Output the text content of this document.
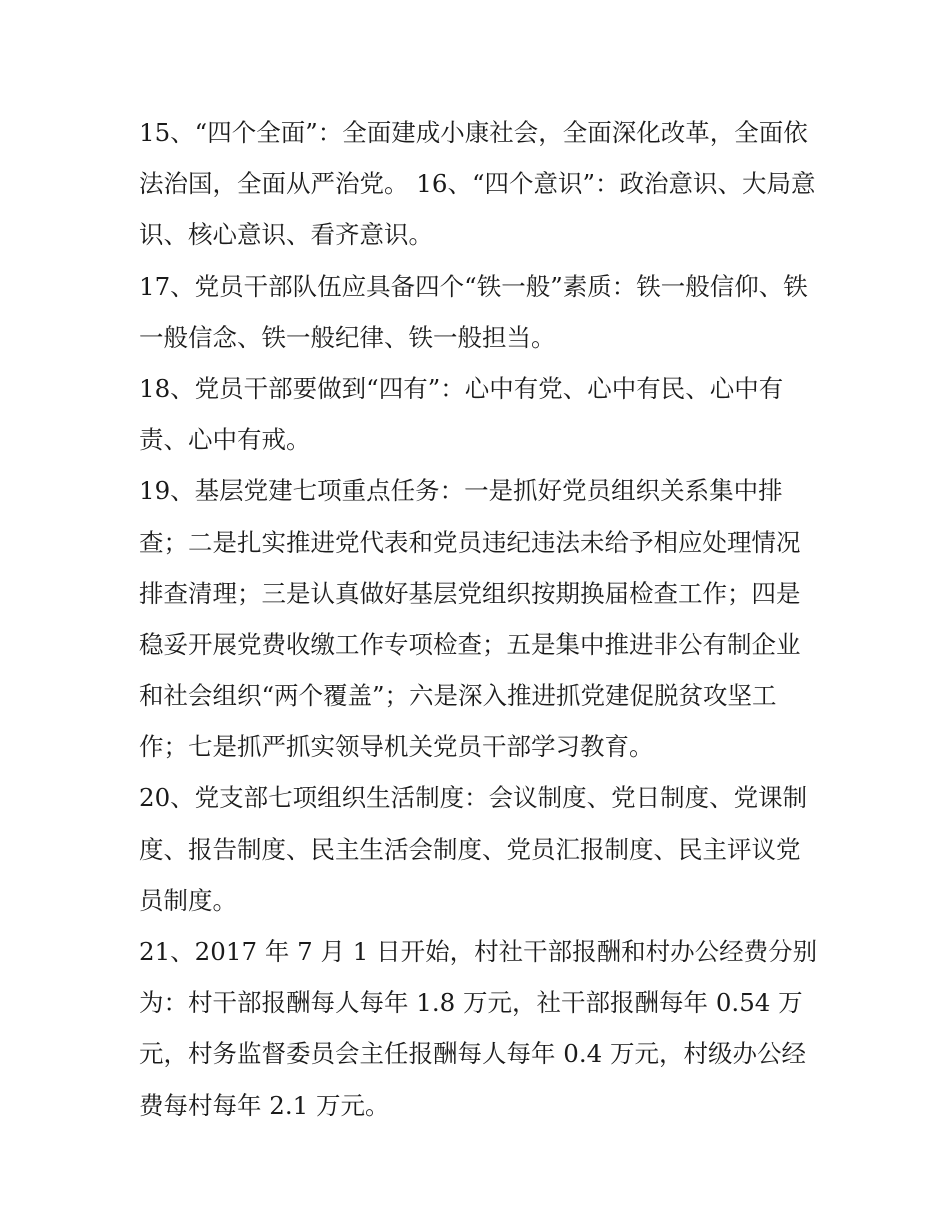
15、“四个全面”：全面建成小康社会，全面深化改革，全面依
法治国，全面从严治党。 16、“四个意识”：政治意识、大局意
识、核心意识、看齐意识。
17、党员干部队伍应具备四个“铁一般”素质：铁一般信仰、铁
一般信念、铁一般纪律、铁一般担当。
18、党员干部要做到“四有”：心中有党、心中有民、心中有
责、心中有戒。
19、基层党建七项重点任务：一是抓好党员组织关系集中排
查；二是扎实推进党代表和党员违纪违法未给予相应处理情况
排查清理；三是认真做好基层党组织按期换届检查工作；四是
稳妥开展党费收缴工作专项检查；五是集中推进非公有制企业
和社会组织“两个覆盖”；六是深入推进抓党建促脱贫攻坚工
作；七是抓严抓实领导机关党员干部学习教育。
20、党支部七项组织生活制度：会议制度、党日制度、党课制
度、报告制度、民主生活会制度、党员汇报制度、民主评议党
员制度。
21、2017 年 7 月 1 日开始，村社干部报酬和村办公经费分别
为：村干部报酬每人每年 1.8 万元，社干部报酬每年 0.54 万
元，村务监督委员会主任报酬每人每年 0.4 万元，村级办公经
费每村每年 2.1 万元。
